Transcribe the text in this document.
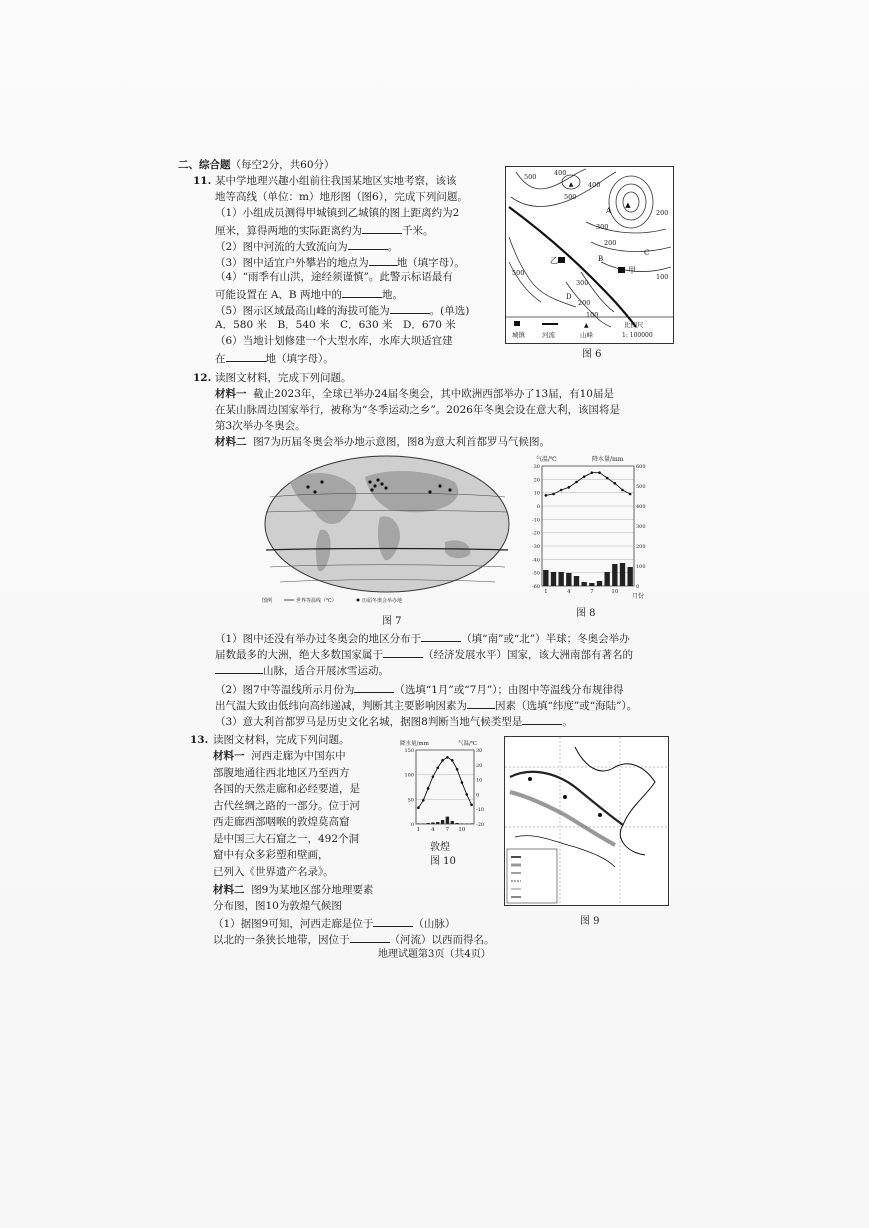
二、综合题（每空2分，共60分）
11. 某中学地理兴趣小组前往我国某地区实地考察，该该
地等高线（单位：m）地形图（图6），完成下列问题。
（1）小组成员测得甲城镇到乙城镇的图上距离约为2
厘米，算得两地的实际距离约为	千米。
（2）图中河流的大致流向为	。
（3）图中适宜户外攀岩的地点为	地（填字母）。
（4）“雨季有山洪，途经须谨慎”。此警示标语最有
可能设置在 A、B 两地中的	地。
（5）图示区域最高山峰的海拔可能为	。(单选)
A．580 米　B．540 米　C．630 米　D．670 米
（6）当地计划修建一个大型水库，水库大坝适宜建
在	地（填字母）。
▲
▲
500	400
500
400
300
200
200
100
500
300
200
100
乙
甲
A
B
C
D
▲
城镇	河流	山峰
比例尺
1: 100000
图 6
12. 读图文材料，完成下列问题。
材料一 截止2023年，全球已举办24届冬奥会，其中欧洲西部举办了13届，有10届是
在某山脉周边国家举行，被称为“冬季运动之乡”。2026年冬奥会设在意大利，该国将是
第3次举办冬奥会。
材料二 图7为历届冬奥会举办地示意图，图8为意大利首都罗马气候图。
图例	世界等温线（℃）	历届冬奥会举办地
图 7
气温/℃	降水量/mm
月份
30
20
10
0
-10
-20
-30
-40
-50
-60
600
500
400
300
200
100
0
1	4	7	10
图 8
（1）图中还没有举办过冬奥会的地区分布于	（填“南”或“北”）半球；冬奥会举办
届数最多的大洲，绝大多数国家属于	（经济发展水平）国家，该大洲南部有著名的
山脉，适合开展冰雪运动。
（2）图7中等温线所示月份为	（选填“1月”或“7月”）；由图中等温线分布规律得
出气温大致由低纬向高纬递减，判断其主要影响因素为	因素（选填“纬度”或“海陆”）。
（3）意大利首都罗马是历史文化名城，据图8判断当地气候类型是	。
13. 读图文材料，完成下列问题。
材料一 河西走廊为中国东中
部腹地通往西北地区乃至西方
各国的天然走廊和必经要道，是
古代丝绸之路的一部分。位于河
西走廊西部咽喉的敦煌莫高窟
是中国三大石窟之一，492个洞
窟中有众多彩塑和壁画，
已列入《世界遗产名录》。
材料二 图9为某地区部分地理要素
分布图，图10为敦煌气候图
（1）据图9可知，河西走廊是位于	（山脉）
以北的一条狭长地带，因位于	（河流）以西而得名。
降水量/mm	气温/℃
150
100
50
0
30
20
10
0
-10
-20
1 4 7 10
敦煌
图 10
图 9
地理试题第3页（共4页）
